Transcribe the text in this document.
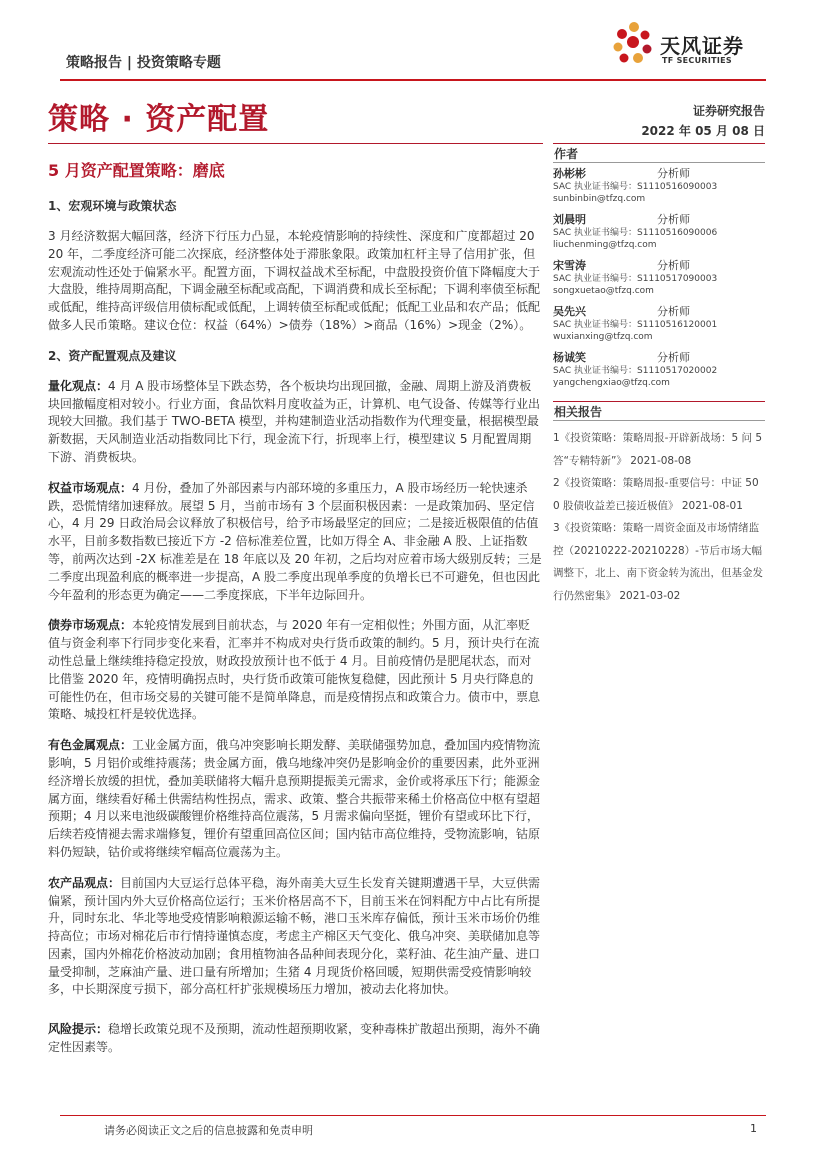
策略报告 | 投资策略专题
天风证券
TF SECURITIES
策略 · 资产配置	证券研究报告
2022 年 05 月 08 日
5 月资产配置策略：磨底
1、宏观环境与政策状态

3 月经济数据大幅回落，经济下行压力凸显，本轮疫情影响的持续性、深度和广度都超过 2020 年，二季度经济可能二次探底，经济整体处于滞胀象限。政策加杠杆主导了信用扩张，但宏观流动性还处于偏紧水平。配置方面，下调权益战术至标配，中盘股投资价值下降幅度大于大盘股，维持周期高配，下调金融至标配或高配，下调消费和成长至标配；下调利率债至标配或低配，维持高评级信用债标配或低配，上调转债至标配或低配；低配工业品和农产品；低配做多人民币策略。建议仓位：权益（64%）>债券（18%）>商品（16%）>现金（2%）。

2、资产配置观点及建议

量化观点：4 月 A 股市场整体呈下跌态势，各个板块均出现回撤，金融、周期上游及消费板块回撤幅度相对较小。行业方面，食品饮料月度收益为正，计算机、电气设备、传媒等行业出现较大回撤。我们基于 TWO-BETA 模型，并构建制造业活动指数作为代理变量，根据模型最新数据，天风制造业活动指数同比下行，现金流下行，折现率上行，模型建议 5 月配置周期下游、消费板块。

权益市场观点：4 月份，叠加了外部因素与内部环境的多重压力，A 股市场经历一轮快速杀跌，恐慌情绪加速释放。展望 5 月，当前市场有 3 个层面积极因素：一是政策加码、坚定信心，4 月 29 日政治局会议释放了积极信号，给予市场最坚定的回应；二是接近极限值的估值水平，目前多数指数已接近下方 -2 倍标准差位置，比如万得全 A、非金融 A 股、上证指数等，前两次达到 -2X 标准差是在 18 年底以及 20 年初，之后均对应着市场大级别反转；三是二季度出现盈利底的概率进一步提高，A 股二季度出现单季度的负增长已不可避免，但也因此今年盈利的形态更为确定——二季度探底，下半年边际回升。

债券市场观点：本轮疫情发展到目前状态，与 2020 年有一定相似性；外围方面，从汇率贬值与资金利率下行同步变化来看，汇率并不构成对央行货币政策的制约。5 月，预计央行在流动性总量上继续维持稳定投放，财政投放预计也不低于 4 月。目前疫情仍是肥尾状态，而对比借鉴 2020 年，疫情明确拐点时，央行货币政策可能恢复稳健，因此预计 5 月央行降息的可能性仍在，但市场交易的关键可能不是简单降息，而是疫情拐点和政策合力。债市中，票息策略、城投杠杆是较优选择。

有色金属观点：工业金属方面，俄乌冲突影响长期发酵、美联储强势加息，叠加国内疫情物流影响，5 月铝价或维持震荡；贵金属方面，俄乌地缘冲突仍是影响金价的重要因素，此外亚洲经济增长放缓的担忧，叠加美联储将大幅升息预期提振美元需求，金价或将承压下行；能源金属方面，继续看好稀土供需结构性拐点，需求、政策、整合共振带来稀土价格高位中枢有望超预期；4 月以来电池级碳酸锂价格维持高位震荡，5 月需求偏向坚挺，锂价有望或环比下行，后续若疫情褪去需求端修复，锂价有望重回高位区间；国内钴市高位维持，受物流影响，钴原料仍短缺，钴价或将继续窄幅高位震荡为主。

农产品观点：目前国内大豆运行总体平稳，海外南美大豆生长发育关键期遭遇干旱，大豆供需偏紧，预计国内外大豆价格高位运行；玉米价格居高不下，目前玉米在饲料配方中占比有所提升，同时东北、华北等地受疫情影响粮源运输不畅，港口玉米库存偏低，预计玉米市场价仍维持高位；市场对棉花后市行情持谨慎态度，考虑主产棉区天气变化、俄乌冲突、美联储加息等因素，国内外棉花价格波动加剧；食用植物油各品种间表现分化，菜籽油、花生油产量、进口量受抑制，芝麻油产量、进口量有所增加；生猪 4 月现货价格回暖，短期供需受疫情影响较多，中长期深度亏损下，部分高杠杆扩张规模场压力增加，被动去化将加快。

风险提示：稳增长政策兑现不及预期，流动性超预期收紧，变种毒株扩散超出预期，海外不确定性因素等。

作者
孙彬彬	分析师
SAC 执业证书编号：S1110516090003
sunbinbin@tfzq.com
刘晨明	分析师
SAC 执业证书编号：S1110516090006
liuchenming@tfzq.com
宋雪涛	分析师
SAC 执业证书编号：S1110517090003
songxuetao@tfzq.com
吴先兴	分析师
SAC 执业证书编号：S1110516120001
wuxianxing@tfzq.com
杨诚笑	分析师
SAC 执业证书编号：S1110517020002
yangchengxiao@tfzq.com
相关报告
1《投资策略：策略周报-开辟新战场：5 问 5 答“专精特新”》 2021-08-08
2《投资策略：策略周报-重要信号：中证 500 股债收益差已接近极值》 2021-08-01
3《投资策略：策略一周资金面及市场情绪监控（20210222-20210228）-节后市场大幅调整下，北上、南下资金转为流出，但基金发行仍然密集》 2021-03-02
请务必阅读正文之后的信息披露和免责申明	1
